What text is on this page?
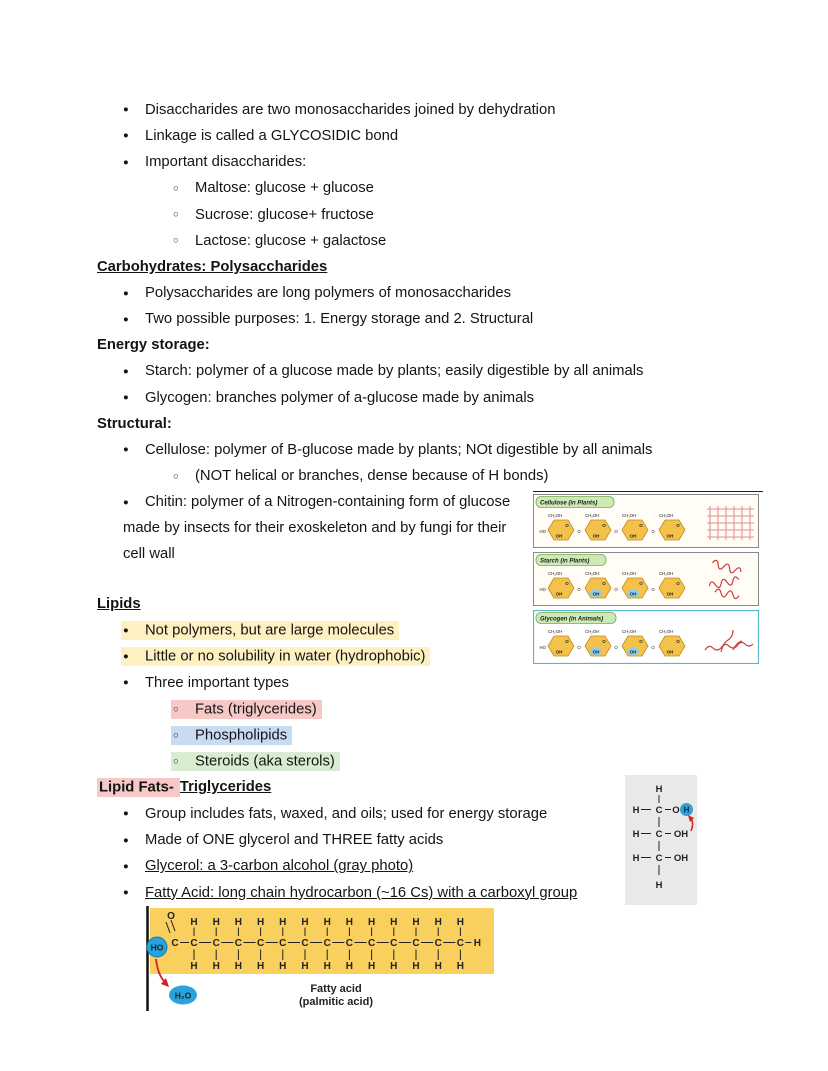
● Disaccharides are two monosaccharides joined by dehydration
● Linkage is called a GLYCOSIDIC bond
● Important disaccharides:
○ Maltose: glucose + glucose
○ Sucrose: glucose+ fructose
○ Lactose: glucose + galactose
Carbohydrates: Polysaccharides
● Polysaccharides are long polymers of monosaccharides
● Two possible purposes: 1. Energy storage and 2. Structural
Energy storage:
● Starch: polymer of a glucose made by plants; easily digestible by all animals
● Glycogen: branches polymer of a-glucose made by animals
Structural:
● Cellulose: polymer of B-glucose made by plants; NOt digestible by all animals
○ (NOT helical or branches, dense because of H bonds)
● Chitin: polymer of a Nitrogen-containing form of glucose made by insects for their exoskeleton and by fungi for their cell wall
Lipids
● Not polymers, but are large molecules
● Little or no solubility in water (hydrophobic)
● Three important types
○ Fats (triglycerides)
○ Phospholipids
○ Steroids (aka sterols)
Lipid Fats- Triglycerides
● Group includes fats, waxed, and oils; used for energy storage
● Made of ONE glycerol and THREE fatty acids
● Glycerol: a 3-carbon alcohol (gray photo)
● Fatty Acid: long chain hydrocarbon (~16 Cs) with a carboxyl group
Cellulose (in Plants)
CH₂OH
HO
O
OH
O
CH₂OH
O
OH
O
CH₂OH
O
OH
O
CH₂OH
O
OH
Starch (in Plants)
CH₂OH
HO
O
OH
O
CH₂OH
O
OH
O
CH₂OH
O
OH
O
CH₂OH
O
OH
Glycogen (in Animals)
CH₂OH
HO
O
OH
O
CH₂OH
O
OH
O
CH₂OH
O
OH
O
CH₂OH
O
OH
H
H C O H
H C OH
H C OH
H
O
C
H
C
H
H
C
H
H
C
H
H
C
H
H
C
H
H
C
H
H
C
H
H
C
H
H
C
H
H
C
H
H
C
H
H
C
H
H
C
H
H
HO
H₂O
Fatty acid
(palmitic acid)
